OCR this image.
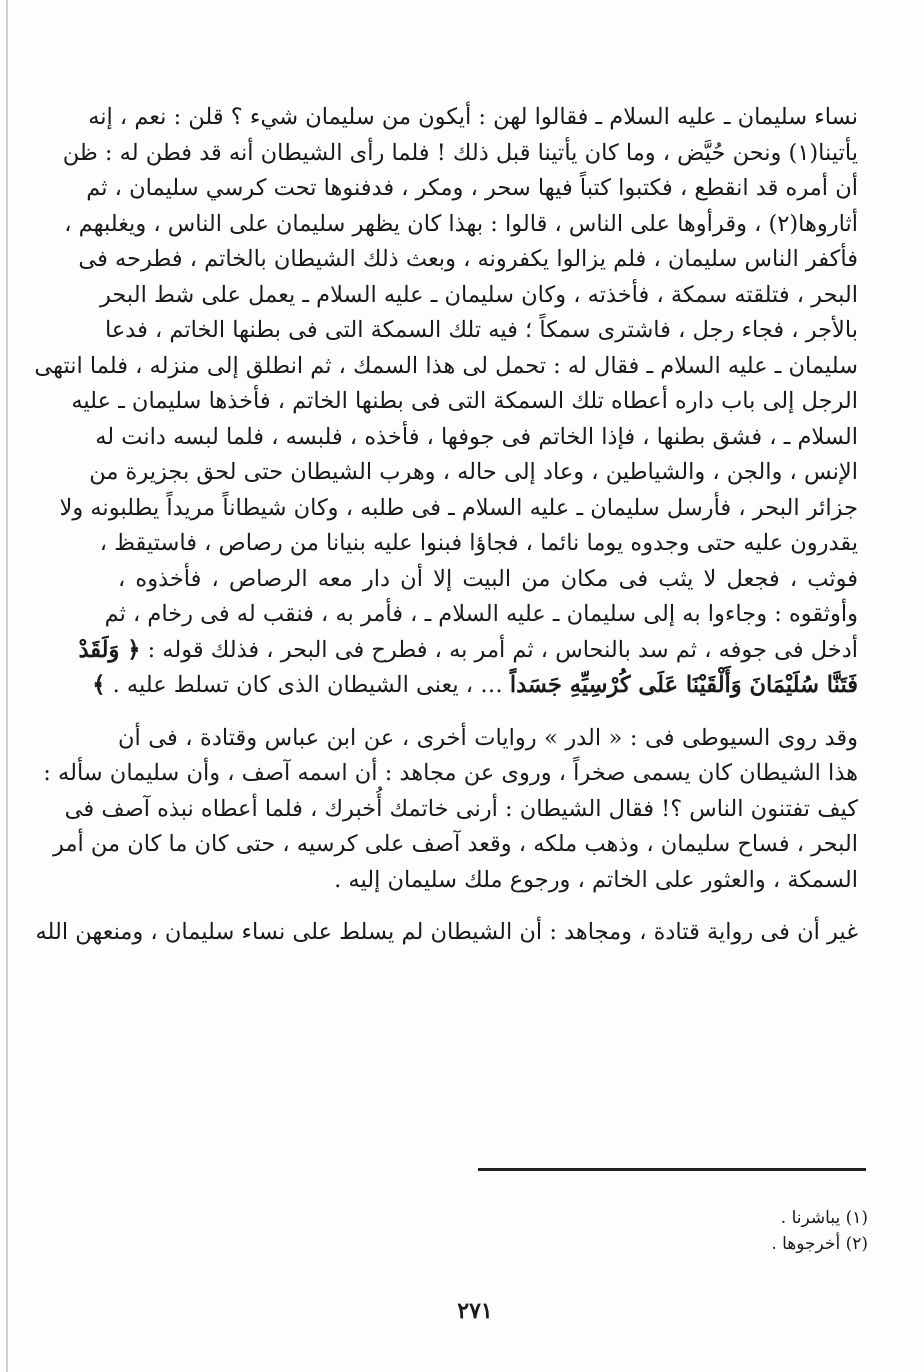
نساء سليمان ـ عليه السلام ـ فقالوا لهن : أيكون من سليمان شيء ؟ قلن : نعم ، إنه
يأتينا(١) ونحن حُيَّض ، وما كان يأتينا قبل ذلك ! فلما رأى الشيطان أنه قد فطن له : ظن
أن أمره قد انقطع ، فكتبوا كتباً فيها سحر ، ومكر ، فدفنوها تحت كرسي سليمان ، ثم
أثاروها(٢) ، وقرأوها على الناس ، قالوا : بهذا كان يظهر سليمان على الناس ، ويغلبهم ،
فأكفر الناس سليمان ، فلم يزالوا يكفرونه ، وبعث ذلك الشيطان بالخاتم ، فطرحه فى
البحر ، فتلقته سمكة ، فأخذته ، وكان سليمان ـ عليه السلام ـ يعمل على شط البحر
بالأجر ، فجاء رجل ، فاشترى سمكاً ؛ فيه تلك السمكة التى فى بطنها الخاتم ، فدعا
سليمان ـ عليه السلام ـ فقال له : تحمل لى هذا السمك ، ثم انطلق إلى منزله ، فلما انتهى
الرجل إلى باب داره أعطاه تلك السمكة التى فى بطنها الخاتم ، فأخذها سليمان ـ عليه
السلام ـ ، فشق بطنها ، فإذا الخاتم فى جوفها ، فأخذه ، فلبسه ، فلما لبسه دانت له
الإنس ، والجن ، والشياطين ، وعاد إلى حاله ، وهرب الشيطان حتى لحق بجزيرة من
جزائر البحر ، فأرسل سليمان ـ عليه السلام ـ فى طلبه ، وكان شيطاناً مريداً يطلبونه ولا
يقدرون عليه حتى وجدوه يوما نائما ، فجاؤا فبنوا عليه بنيانا من رصاص ، فاستيقظ ،
فوثب ، فجعل لا يثب فى مكان من البيت إلا أن دار معه الرصاص ، فأخذوه ،
وأوثقوه : وجاءوا به إلى سليمان ـ عليه السلام ـ ، فأمر به ، فنقب له فى رخام ، ثم
أدخل فى جوفه ، ثم سد بالنحاس ، ثم أمر به ، فطرح فى البحر ، فذلك قوله : ﴿ وَلَقَدْ
فَتَنَّا سُلَيْمَانَ وَأَلْقَيْنَا عَلَى كُرْسِيِّهِ جَسَداً … ، يعنى الشيطان الذى كان تسلط عليه . ﴾
وقد روى السيوطى فى : « الدر » روايات أخرى ، عن ابن عباس وقتادة ، فى أن
هذا الشيطان كان يسمى صخراً ، وروى عن مجاهد : أن اسمه آصف ، وأن سليمان سأله :
كيف تفتنون الناس ؟! فقال الشيطان : أرنى خاتمك أُخبرك ، فلما أعطاه نبذه آصف فى
البحر ، فساح سليمان ، وذهب ملكه ، وقعد آصف على كرسيه ، حتى كان ما كان من أمر
السمكة ، والعثور على الخاتم ، ورجوع ملك سليمان إليه .
غير أن فى رواية قتادة ، ومجاهد : أن الشيطان لم يسلط على نساء سليمان ، ومنعهن الله
(١) يباشرنا .
(٢) أخرجوها .
٢٧١
